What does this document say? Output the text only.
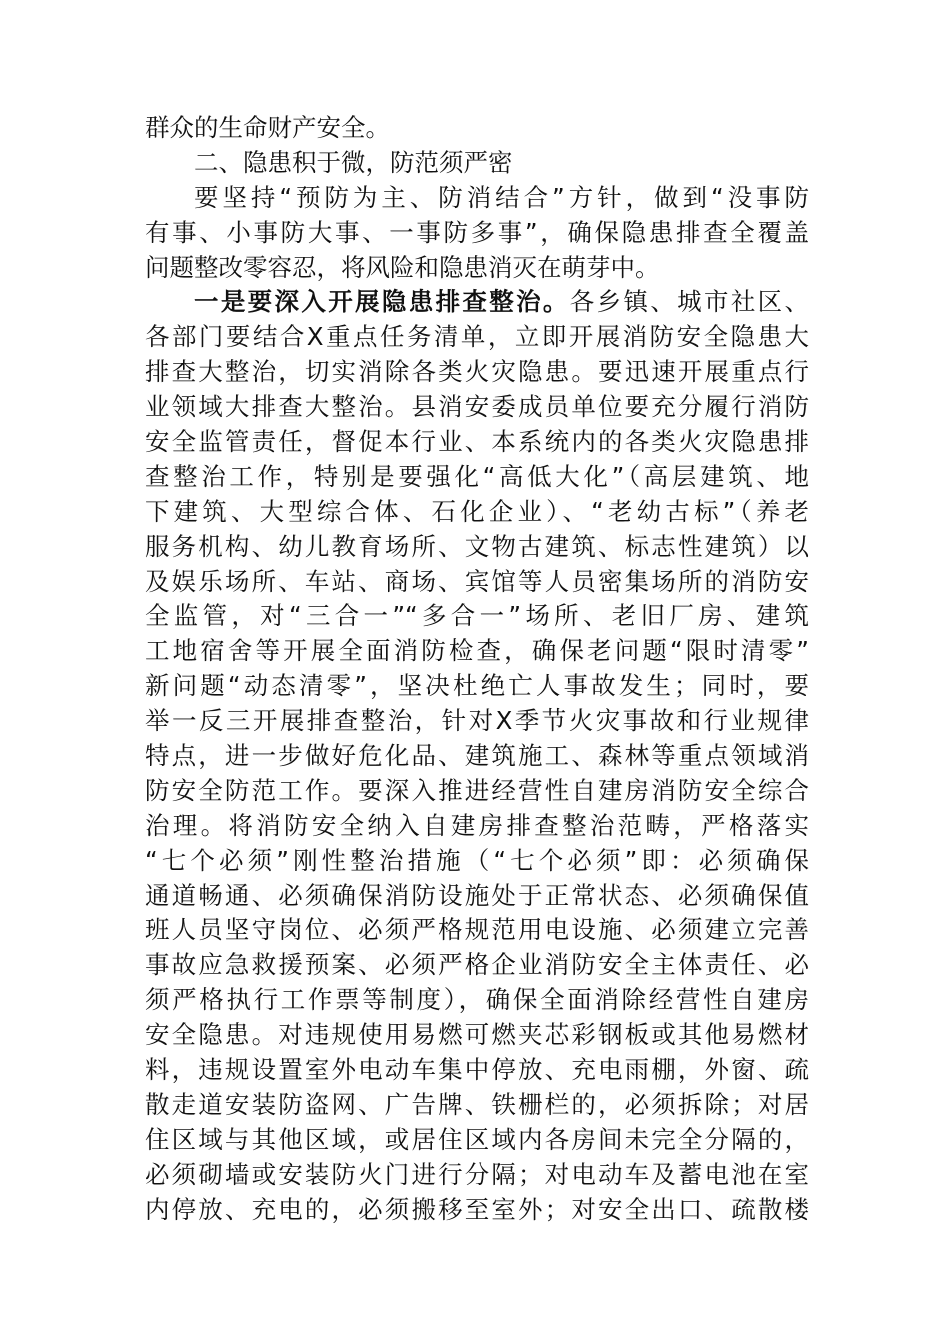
群众的生命财产安全。
二、隐患积于微，防范须严密
要坚持“预防为主、防消结合”方针，做到“没事防
有事、小事防大事、一事防多事”，确保隐患排查全覆盖
问题整改零容忍，将风险和隐患消灭在萌芽中。
一是要深入开展隐患排查整治。各乡镇、城市社区、
各部门要结合X重点任务清单，立即开展消防安全隐患大
排查大整治，切实消除各类火灾隐患。要迅速开展重点行
业领域大排查大整治。县消安委成员单位要充分履行消防
安全监管责任，督促本行业、本系统内的各类火灾隐患排
查整治工作，特别是要强化“高低大化”（高层建筑、地
下建筑、大型综合体、石化企业）、“老幼古标”（养老
服务机构、幼儿教育场所、文物古建筑、标志性建筑）以
及娱乐场所、车站、商场、宾馆等人员密集场所的消防安
全监管，对“三合一”“多合一”场所、老旧厂房、建筑
工地宿舍等开展全面消防检查，确保老问题“限时清零”
新问题“动态清零”，坚决杜绝亡人事故发生；同时，要
举一反三开展排查整治，针对X季节火灾事故和行业规律
特点，进一步做好危化品、建筑施工、森林等重点领域消
防安全防范工作。要深入推进经营性自建房消防安全综合
治理。将消防安全纳入自建房排查整治范畴，严格落实
“七个必须”刚性整治措施（“七个必须”即：必须确保
通道畅通、必须确保消防设施处于正常状态、必须确保值
班人员坚守岗位、必须严格规范用电设施、必须建立完善
事故应急救援预案、必须严格企业消防安全主体责任、必
须严格执行工作票等制度），确保全面消除经营性自建房
安全隐患。对违规使用易燃可燃夹芯彩钢板或其他易燃材
料，违规设置室外电动车集中停放、充电雨棚，外窗、疏
散走道安装防盗网、广告牌、铁栅栏的，必须拆除；对居
住区域与其他区域，或居住区域内各房间未完全分隔的，
必须砌墙或安装防火门进行分隔；对电动车及蓄电池在室
内停放、充电的，必须搬移至室外；对安全出口、疏散楼
